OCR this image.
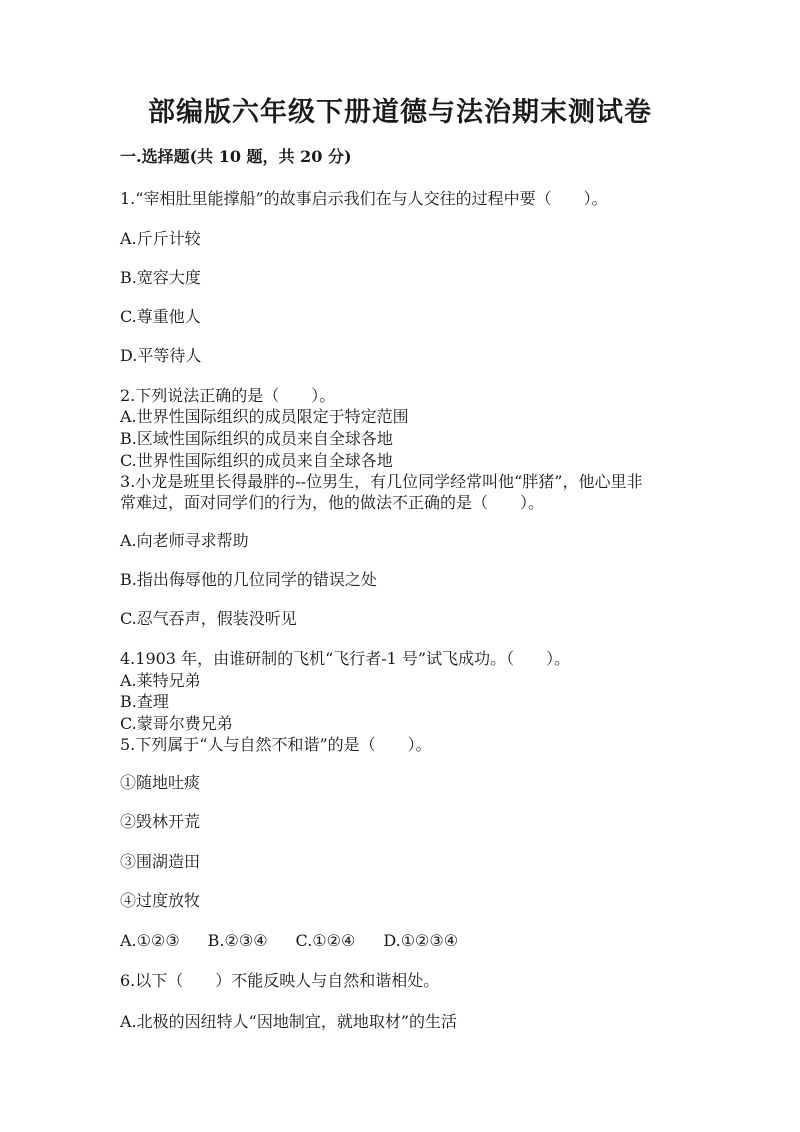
部编版六年级下册道德与法治期末测试卷
一.选择题(共 10 题，共 20 分)
1.“宰相肚里能撑船”的故事启示我们在与人交往的过程中要（　　）。
A.斤斤计较
B.宽容大度
C.尊重他人
D.平等待人
2.下列说法正确的是（　　）。
A.世界性国际组织的成员限定于特定范围
B.区域性国际组织的成员来自全球各地
C.世界性国际组织的成员来自全球各地
3.小龙是班里长得最胖的--位男生，有几位同学经常叫他“胖猪”，他心里非
常难过，面对同学们的行为，他的做法不正确的是（　　）。
A.向老师寻求帮助
B.指出侮辱他的几位同学的错误之处
C.忍气吞声，假装没听见
4.1903 年，由谁研制的飞机“飞行者-1 号”试飞成功。（　　）。
A.莱特兄弟
B.查理
C.蒙哥尔费兄弟
5.下列属于“人与自然不和谐”的是（　　）。
①随地吐痰
②毁林开荒
③围湖造田
④过度放牧
A.①②③ B.②③④ C.①②④ D.①②③④
6.以下（　　）不能反映人与自然和谐相处。
A.北极的因纽特人“因地制宜，就地取材”的生活
